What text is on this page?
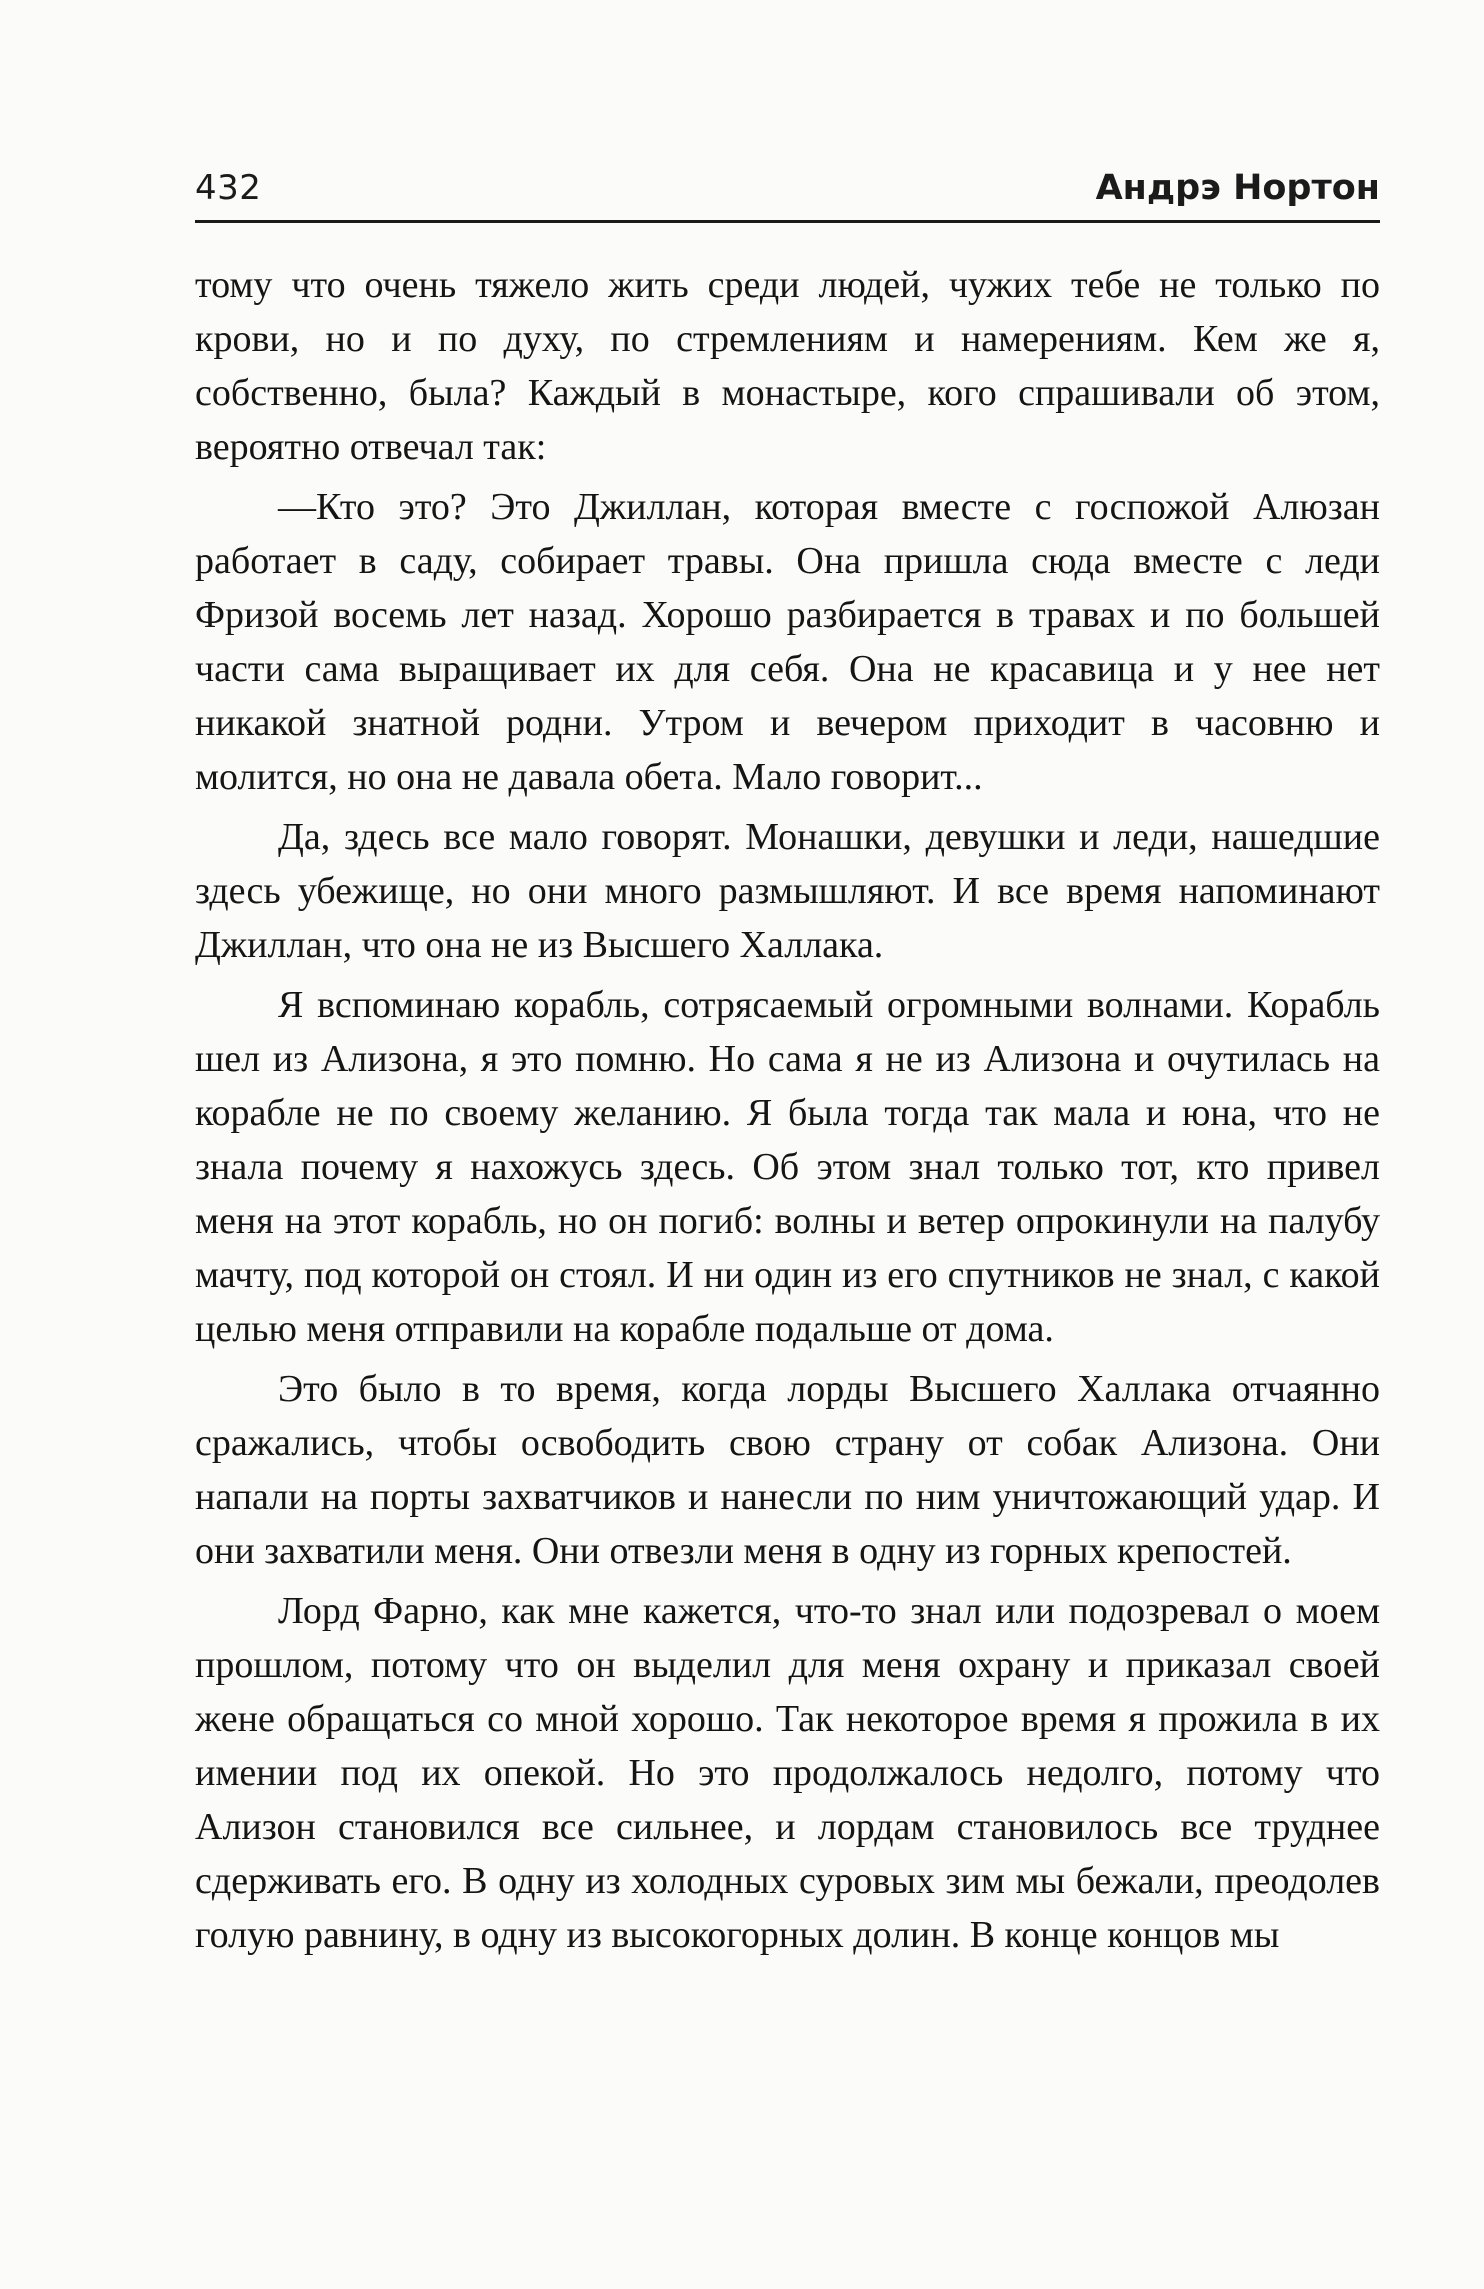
432	Андрэ Нортон

тому что очень тяжело жить среди людей, чужих тебе не только по крови, но и по духу, по стремлениям и намерениям. Кем же я, собственно, была? Каждый в монастыре, кого спрашивали об этом, вероятно отвечал так:

—Кто это? Это Джиллан, которая вместе с госпожой Алюзан работает в саду, собирает травы. Она пришла сюда вместе с леди Фризой восемь лет назад. Хорошо разбирается в травах и по большей части сама выращивает их для себя. Она не красавица и у нее нет никакой знатной родни. Утром и вечером приходит в часовню и молится, но она не давала обета. Мало говорит...

Да, здесь все мало говорят. Монашки, девушки и леди, нашедшие здесь убежище, но они много размышляют. И все время напоминают Джиллан, что она не из Высшего Халлака.

Я вспоминаю корабль, сотрясаемый огромными волнами. Корабль шел из Ализона, я это помню. Но сама я не из Ализона и очутилась на корабле не по своему желанию. Я была тогда так мала и юна, что не знала почему я нахожусь здесь. Об этом знал только тот, кто привел меня на этот корабль, но он погиб: волны и ветер опрокинули на палубу мачту, под которой он стоял. И ни один из его спутников не знал, с какой целью меня отправили на корабле подальше от дома.

Это было в то время, когда лорды Высшего Халлака отчаянно сражались, чтобы освободить свою страну от собак Ализона. Они напали на порты захватчиков и нанесли по ним уничтожающий удар. И они захватили меня. Они отвезли меня в одну из горных крепостей.

Лорд Фарно, как мне кажется, что-то знал или подозревал о моем прошлом, потому что он выделил для меня охрану и приказал своей жене обращаться со мной хорошо. Так некоторое время я прожила в их имении под их опекой. Но это продолжалось недолго, потому что Ализон становился все сильнее, и лордам становилось все труднее сдерживать его. В одну из холодных суровых зим мы бежали, преодолев голую равнину, в одну из высокогорных долин. В конце концов мы
